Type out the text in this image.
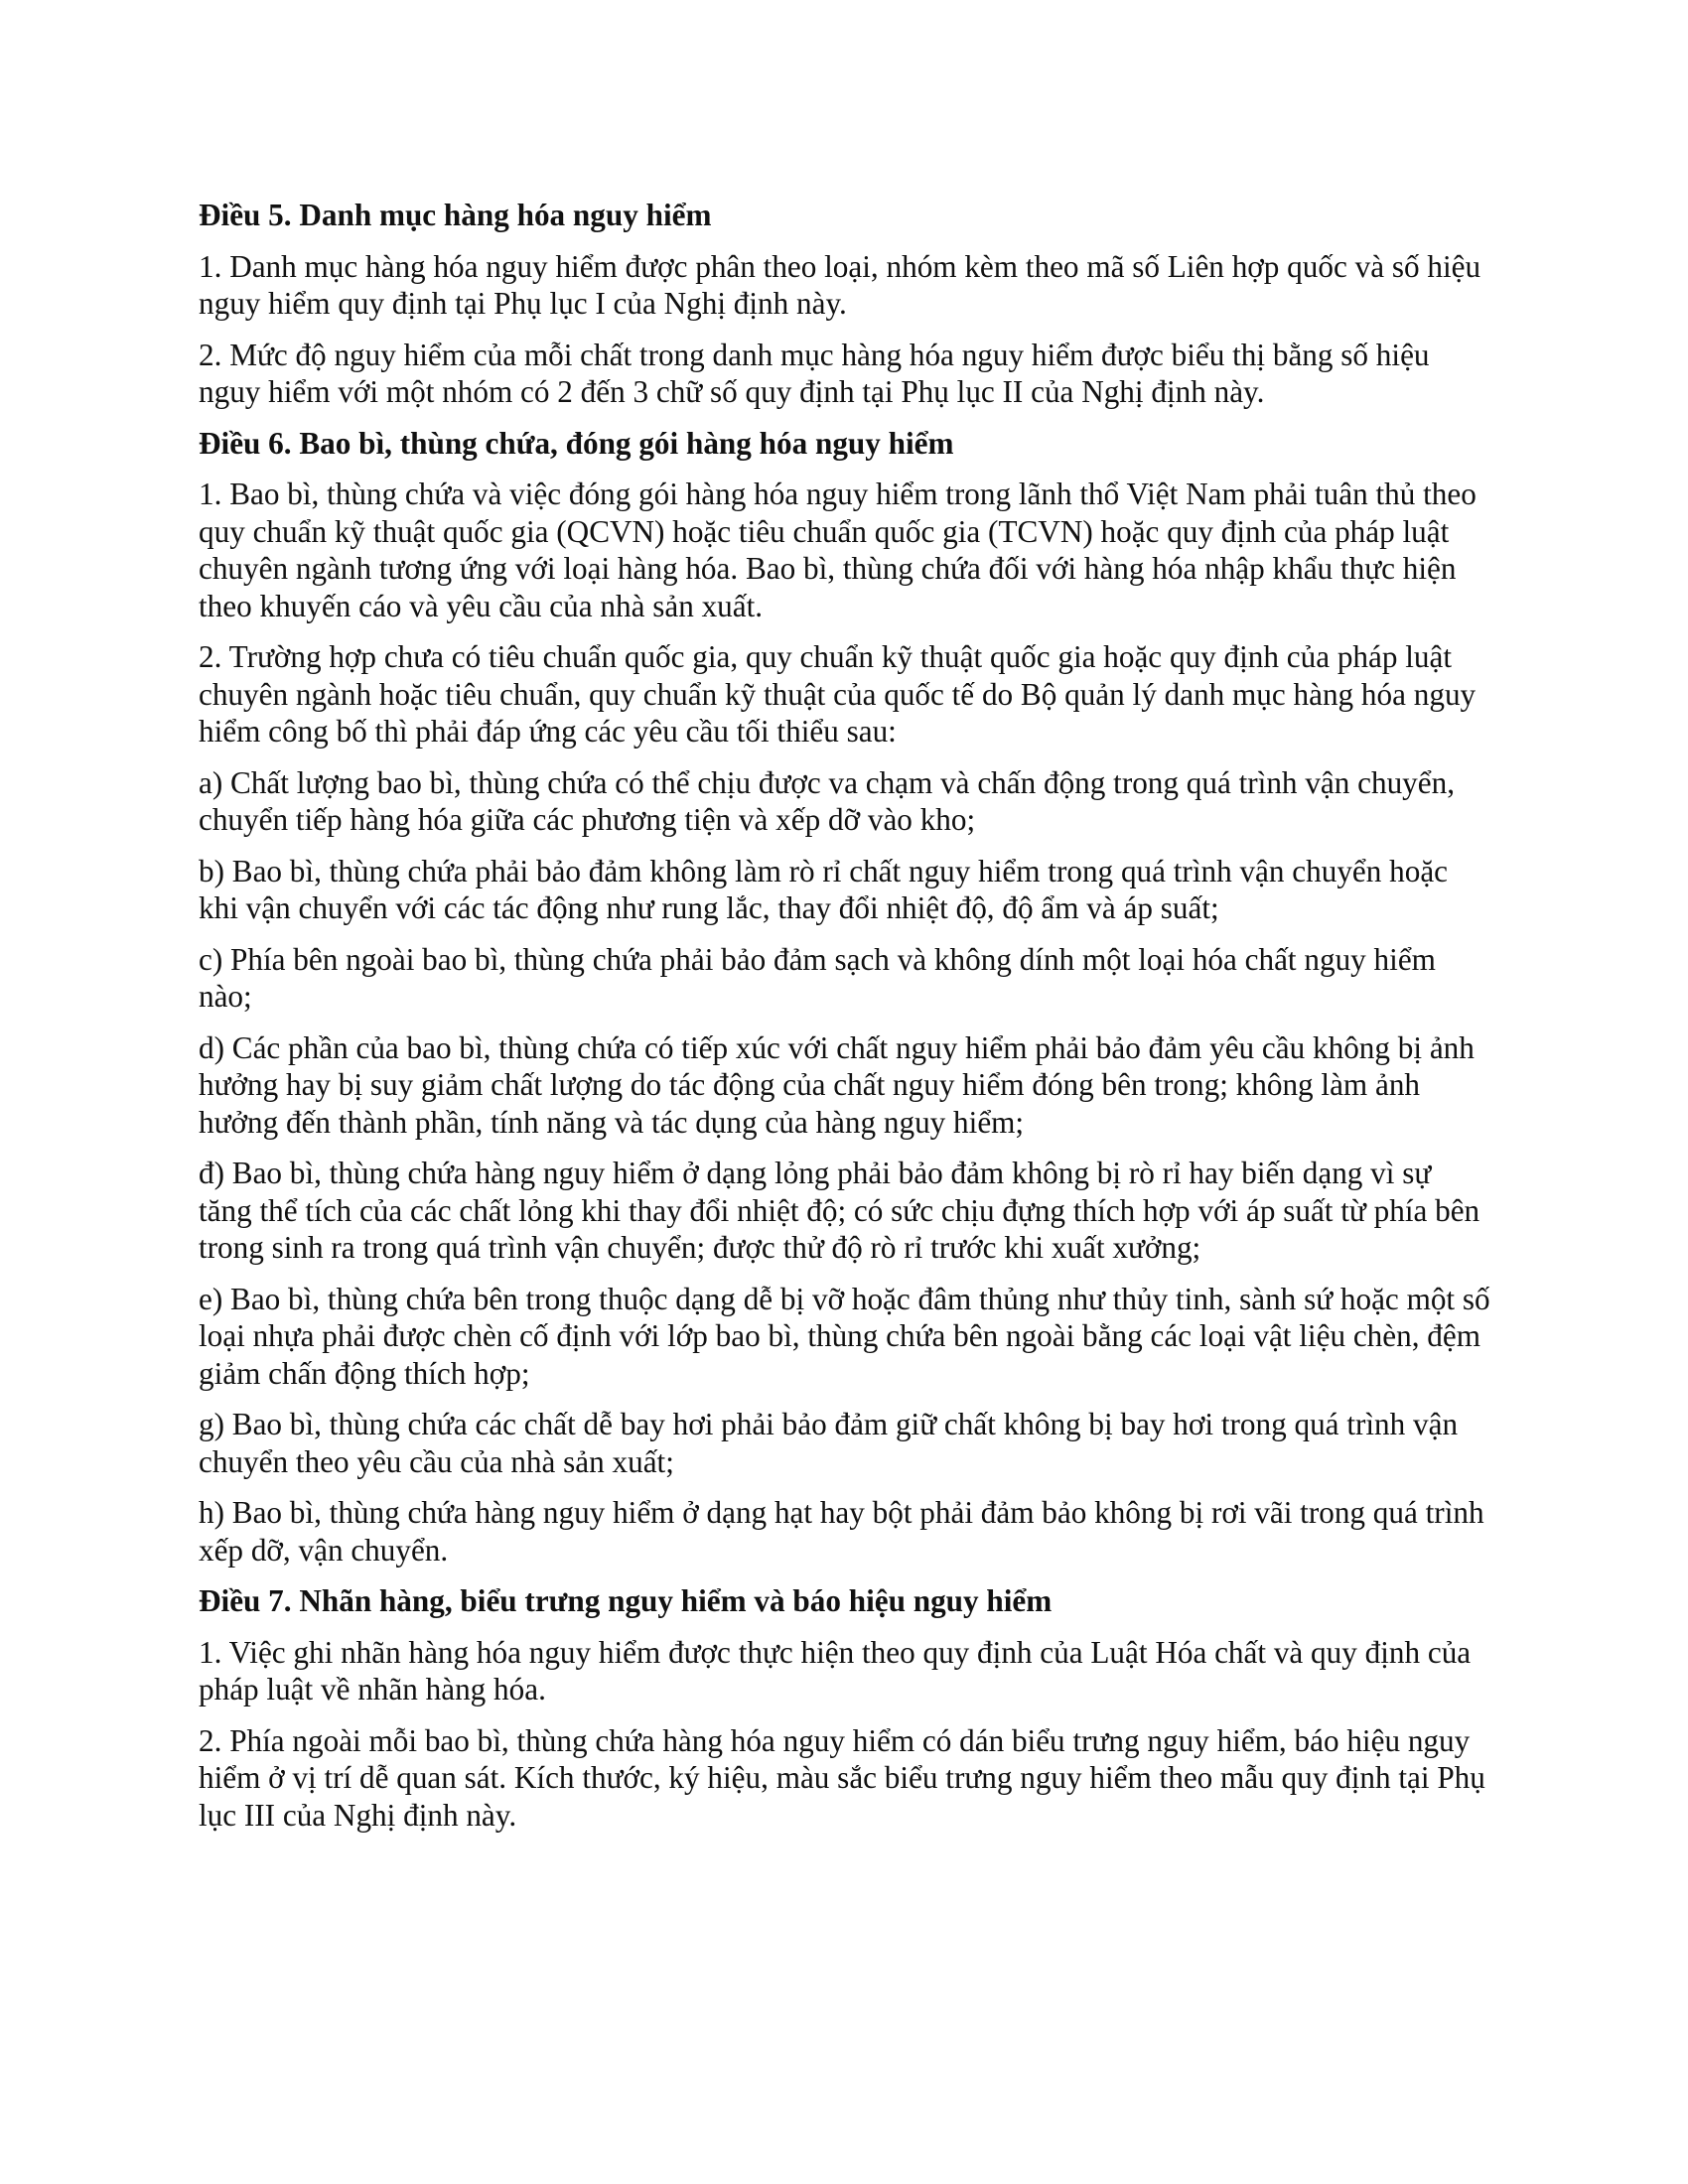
Điều 5. Danh mục hàng hóa nguy hiểm

1. Danh mục hàng hóa nguy hiểm được phân theo loại, nhóm kèm theo mã số Liên hợp quốc và số hiệu nguy hiểm quy định tại Phụ lục I của Nghị định này.

2. Mức độ nguy hiểm của mỗi chất trong danh mục hàng hóa nguy hiểm được biểu thị bằng số hiệu nguy hiểm với một nhóm có 2 đến 3 chữ số quy định tại Phụ lục II của Nghị định này.

Điều 6. Bao bì, thùng chứa, đóng gói hàng hóa nguy hiểm

1. Bao bì, thùng chứa và việc đóng gói hàng hóa nguy hiểm trong lãnh thổ Việt Nam phải tuân thủ theo quy chuẩn kỹ thuật quốc gia (QCVN) hoặc tiêu chuẩn quốc gia (TCVN) hoặc quy định của pháp luật chuyên ngành tương ứng với loại hàng hóa. Bao bì, thùng chứa đối với hàng hóa nhập khẩu thực hiện theo khuyến cáo và yêu cầu của nhà sản xuất.

2. Trường hợp chưa có tiêu chuẩn quốc gia, quy chuẩn kỹ thuật quốc gia hoặc quy định của pháp luật chuyên ngành hoặc tiêu chuẩn, quy chuẩn kỹ thuật của quốc tế do Bộ quản lý danh mục hàng hóa nguy hiểm công bố thì phải đáp ứng các yêu cầu tối thiểu sau:

a) Chất lượng bao bì, thùng chứa có thể chịu được va chạm và chấn động trong quá trình vận chuyển, chuyển tiếp hàng hóa giữa các phương tiện và xếp dỡ vào kho;

b) Bao bì, thùng chứa phải bảo đảm không làm rò rỉ chất nguy hiểm trong quá trình vận chuyển hoặc khi vận chuyển với các tác động như rung lắc, thay đổi nhiệt độ, độ ẩm và áp suất;

c) Phía bên ngoài bao bì, thùng chứa phải bảo đảm sạch và không dính một loại hóa chất nguy hiểm nào;

d) Các phần của bao bì, thùng chứa có tiếp xúc với chất nguy hiểm phải bảo đảm yêu cầu không bị ảnh hưởng hay bị suy giảm chất lượng do tác động của chất nguy hiểm đóng bên trong; không làm ảnh hưởng đến thành phần, tính năng và tác dụng của hàng nguy hiểm;

đ) Bao bì, thùng chứa hàng nguy hiểm ở dạng lỏng phải bảo đảm không bị rò rỉ hay biến dạng vì sự tăng thể tích của các chất lỏng khi thay đổi nhiệt độ; có sức chịu đựng thích hợp với áp suất từ phía bên trong sinh ra trong quá trình vận chuyển; được thử độ rò rỉ trước khi xuất xưởng;

e) Bao bì, thùng chứa bên trong thuộc dạng dễ bị vỡ hoặc đâm thủng như thủy tinh, sành sứ hoặc một số loại nhựa phải được chèn cố định với lớp bao bì, thùng chứa bên ngoài bằng các loại vật liệu chèn, đệm giảm chấn động thích hợp;

g) Bao bì, thùng chứa các chất dễ bay hơi phải bảo đảm giữ chất không bị bay hơi trong quá trình vận chuyển theo yêu cầu của nhà sản xuất;

h) Bao bì, thùng chứa hàng nguy hiểm ở dạng hạt hay bột phải đảm bảo không bị rơi vãi trong quá trình xếp dỡ, vận chuyển.

Điều 7. Nhãn hàng, biểu trưng nguy hiểm và báo hiệu nguy hiểm

1. Việc ghi nhãn hàng hóa nguy hiểm được thực hiện theo quy định của Luật Hóa chất và quy định của pháp luật về nhãn hàng hóa.

2. Phía ngoài mỗi bao bì, thùng chứa hàng hóa nguy hiểm có dán biểu trưng nguy hiểm, báo hiệu nguy hiểm ở vị trí dễ quan sát. Kích thước, ký hiệu, màu sắc biểu trưng nguy hiểm theo mẫu quy định tại Phụ lục III của Nghị định này.
